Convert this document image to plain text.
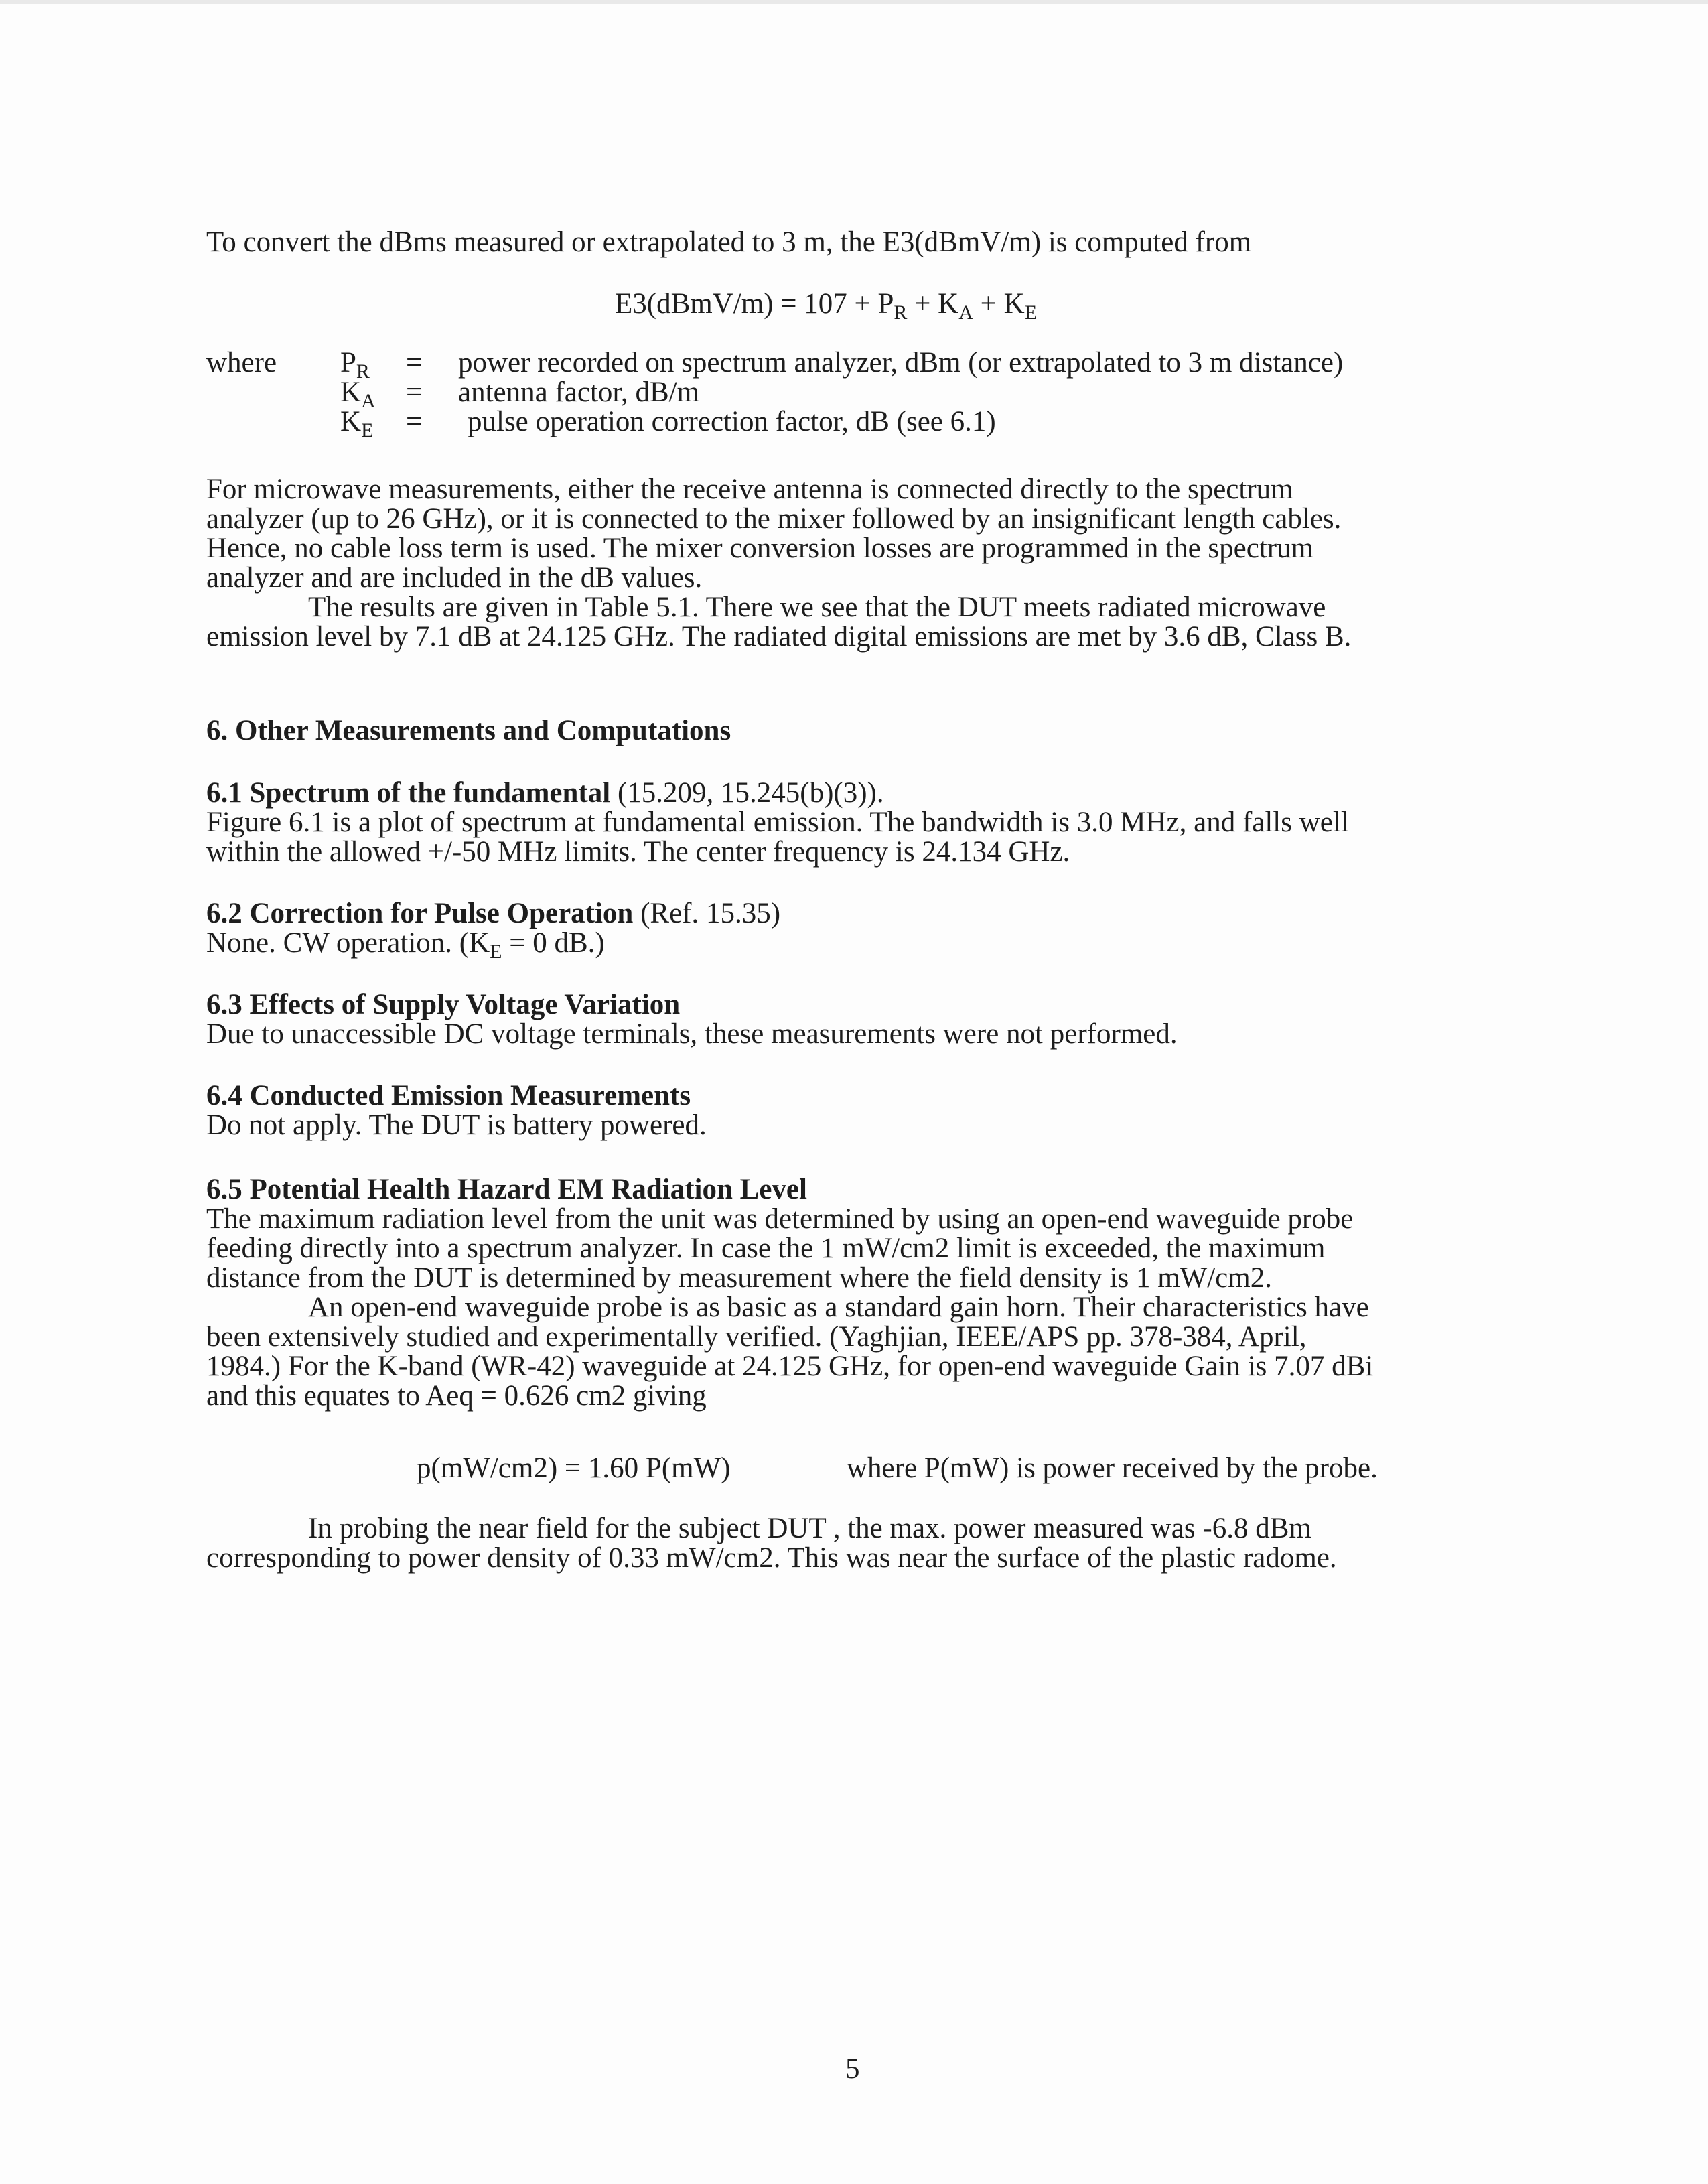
To convert the dBms measured or extrapolated to 3 m, the E3(dBmV/m) is computed from
E3(dBmV/m) = $107 + P_R + K_A + K_E$
where $P_R$ = power recorded on spectrum analyzer, dBm (or extrapolated to 3 m distance)
$K_A$ = antenna factor, dB/m
$K_E$ = pulse operation correction factor, dB (see 6.1)
For microwave measurements, either the receive antenna is connected directly to the spectrum
analyzer (up to 26 GHz), or it is connected to the mixer followed by an insignificant length cables.
Hence, no cable loss term is used. The mixer conversion losses are programmed in the spectrum
analyzer and are included in the dB values.
The results are given in Table 5.1. There we see that the DUT meets radiated microwave
emission level by 7.1 dB at 24.125 GHz. The radiated digital emissions are met by 3.6 dB, Class B.
6. Other Measurements and Computations
6.1 Spectrum of the fundamental (15.209, 15.245(b)(3)).
Figure 6.1 is a plot of spectrum at fundamental emission. The bandwidth is 3.0 MHz, and falls well
within the allowed +/-50 MHz limits. The center frequency is 24.134 GHz.
6.2 Correction for Pulse Operation (Ref. 15.35)
None. CW operation. ($K_E = 0$ dB.)
6.3 Effects of Supply Voltage Variation
Due to unaccessible DC voltage terminals, these measurements were not performed.
6.4 Conducted Emission Measurements
Do not apply. The DUT is battery powered.
6.5 Potential Health Hazard EM Radiation Level
The maximum radiation level from the unit was determined by using an open-end waveguide probe
feeding directly into a spectrum analyzer. In case the 1 mW/cm2 limit is exceeded, the maximum
distance from the DUT is determined by measurement where the field density is 1 mW/cm2.
An open-end waveguide probe is as basic as a standard gain horn. Their characteristics have
been extensively studied and experimentally verified. (Yaghjian, IEEE/APS pp. 378-384, April,
1984.) For the K-band (WR-42) waveguide at 24.125 GHz, for open-end waveguide Gain is 7.07 dBi
and this equates to Aeq = 0.626 cm2 giving
p(mW/cm2) = 1.60 P(mW)	where P(mW) is power received by the probe.
In probing the near field for the subject DUT , the max. power measured was -6.8 dBm
corresponding to power density of 0.33 mW/cm2. This was near the surface of the plastic radome.
5
